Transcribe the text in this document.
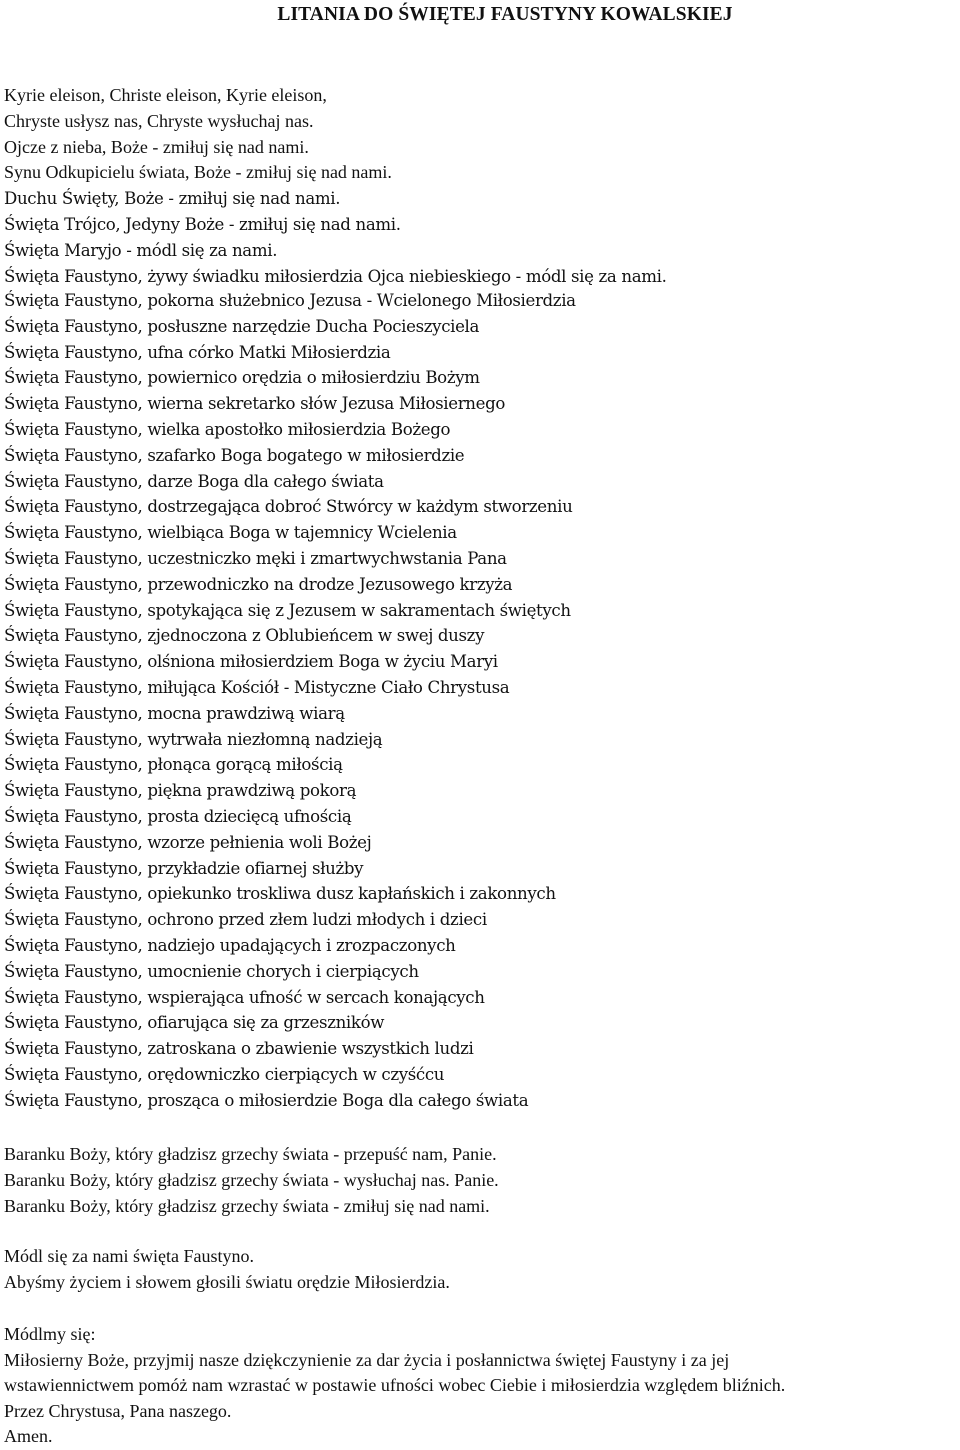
LITANIA DO ŚWIĘTEJ FAUSTYNY KOWALSKIEJ
Kyrie eleison, Christe eleison, Kyrie eleison,
Chryste usłysz nas, Chryste wysłuchaj nas.
Ojcze z nieba, Boże - zmiłuj się nad nami.
Synu Odkupicielu świata, Boże - zmiłuj się nad nami.
Duchu Święty, Boże - zmiłuj się nad nami.
Święta Trójco, Jedyny Boże - zmiłuj się nad nami.
Święta Maryjo - módl się za nami.
Święta Faustyno, żywy świadku miłosierdzia Ojca niebieskiego - módl się za nami.
Święta Faustyno, pokorna służebnico Jezusa - Wcielonego Miłosierdzia
Święta Faustyno, posłuszne narzędzie Ducha Pocieszyciela
Święta Faustyno, ufna córko Matki Miłosierdzia
Święta Faustyno, powiernico orędzia o miłosierdziu Bożym
Święta Faustyno, wierna sekretarko słów Jezusa Miłosiernego
Święta Faustyno, wielka apostołko miłosierdzia Bożego
Święta Faustyno, szafarko Boga bogatego w miłosierdzie
Święta Faustyno, darze Boga dla całego świata
Święta Faustyno, dostrzegająca dobroć Stwórcy w każdym stworzeniu
Święta Faustyno, wielbiąca Boga w tajemnicy Wcielenia
Święta Faustyno, uczestniczko męki i zmartwychwstania Pana
Święta Faustyno, przewodniczko na drodze Jezusowego krzyża
Święta Faustyno, spotykająca się z Jezusem w sakramentach świętych
Święta Faustyno, zjednoczona z Oblubieńcem w swej duszy
Święta Faustyno, olśniona miłosierdziem Boga w życiu Maryi
Święta Faustyno, miłująca Kościół - Mistyczne Ciało Chrystusa
Święta Faustyno, mocna prawdziwą wiarą
Święta Faustyno, wytrwała niezłomną nadzieją
Święta Faustyno, płonąca gorącą miłością
Święta Faustyno, piękna prawdziwą pokorą
Święta Faustyno, prosta dziecięcą ufnością
Święta Faustyno, wzorze pełnienia woli Bożej
Święta Faustyno, przykładzie ofiarnej służby
Święta Faustyno, opiekunko troskliwa dusz kapłańskich i zakonnych
Święta Faustyno, ochrono przed złem ludzi młodych i dzieci
Święta Faustyno, nadziejo upadających i zrozpaczonych
Święta Faustyno, umocnienie chorych i cierpiących
Święta Faustyno, wspierająca ufność w sercach konających
Święta Faustyno, ofiarująca się za grzeszników
Święta Faustyno, zatroskana o zbawienie wszystkich ludzi
Święta Faustyno, orędowniczko cierpiących w czyśćcu
Święta Faustyno, prosząca o miłosierdzie Boga dla całego świata
Baranku Boży, który gładzisz grzechy świata - przepuść nam, Panie.
Baranku Boży, który gładzisz grzechy świata - wysłuchaj nas. Panie.
Baranku Boży, który gładzisz grzechy świata - zmiłuj się nad nami.
Módl się za nami święta Faustyno.
Abyśmy życiem i słowem głosili światu orędzie Miłosierdzia.
Módlmy się:
Miłosierny Boże, przyjmij nasze dziękczynienie za dar życia i posłannictwa świętej Faustyny i za jej
wstawiennictwem pomóż nam wzrastać w postawie ufności wobec Ciebie i miłosierdzia względem bliźnich.
Przez Chrystusa, Pana naszego.
Amen.
